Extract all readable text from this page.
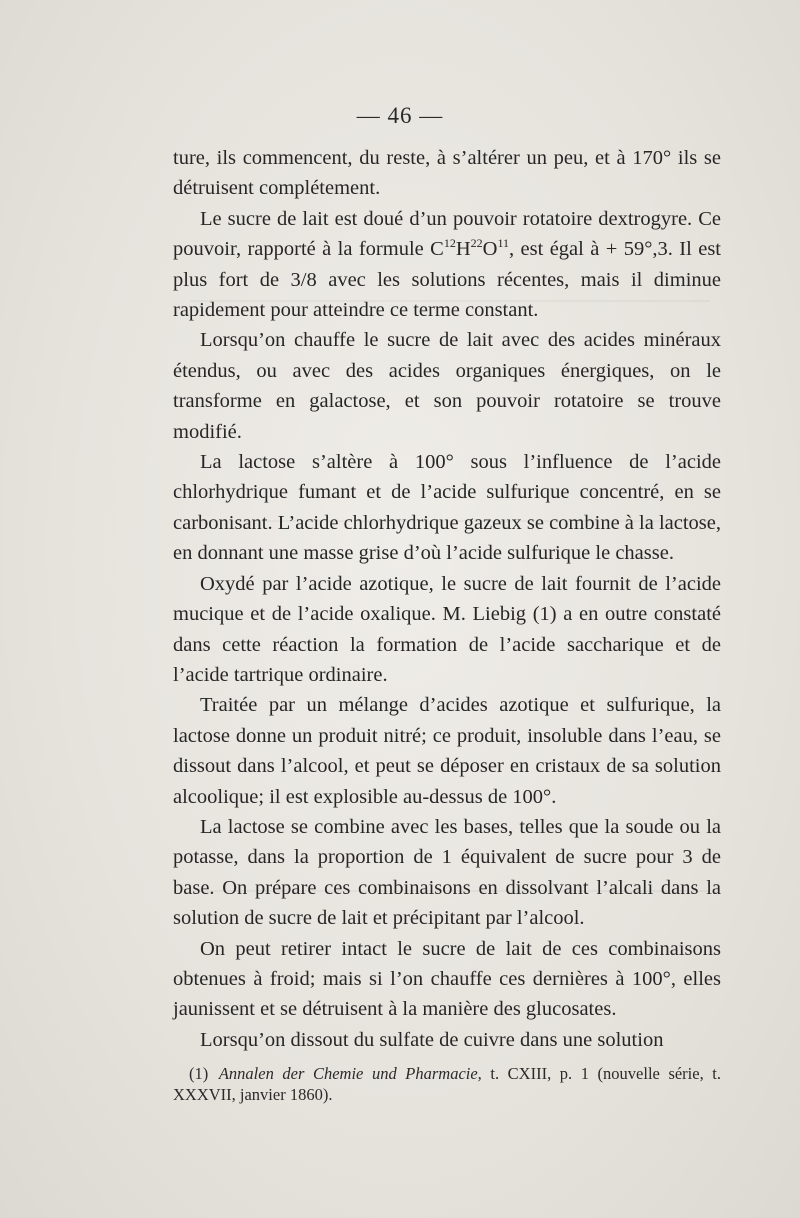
— 46 —

ture, ils commencent, du reste, à s’altérer un peu, et à 170° ils se détruisent complétement.

Le sucre de lait est doué d’un pouvoir rotatoire dextrogyre. Ce pouvoir, rapporté à la formule $C^{12}H^{22}O^{11}$, est égal à + 59°,3. Il est plus fort de 3/8 avec les solutions récentes, mais il diminue rapidement pour atteindre ce terme constant.

Lorsqu’on chauffe le sucre de lait avec des acides minéraux étendus, ou avec des acides organiques énergiques, on le transforme en galactose, et son pouvoir rotatoire se trouve modifié.

La lactose s’altère à 100° sous l’influence de l’acide chlorhydrique fumant et de l’acide sulfurique concentré, en se carbonisant. L’acide chlorhydrique gazeux se combine à la lactose, en donnant une masse grise d’où l’acide sulfurique le chasse.

Oxydé par l’acide azotique, le sucre de lait fournit de l’acide mucique et de l’acide oxalique. M. Liebig (1) a en outre constaté dans cette réaction la formation de l’acide saccharique et de l’acide tartrique ordinaire.

Traitée par un mélange d’acides azotique et sulfurique, la lactose donne un produit nitré; ce produit, insoluble dans l’eau, se dissout dans l’alcool, et peut se déposer en cristaux de sa solution alcoolique; il est explosible au-dessus de 100°.

La lactose se combine avec les bases, telles que la soude ou la potasse, dans la proportion de 1 équivalent de sucre pour 3 de base. On prépare ces combinaisons en dissolvant l’alcali dans la solution de sucre de lait et précipitant par l’alcool.

On peut retirer intact le sucre de lait de ces combinaisons obtenues à froid; mais si l’on chauffe ces dernières à 100°, elles jaunissent et se détruisent à la manière des glucosates.

Lorsqu’on dissout du sulfate de cuivre dans une solution

(1) Annalen der Chemie und Pharmacie, t. CXIII, p. 1 (nouvelle série, t. XXXVII, janvier 1860).
